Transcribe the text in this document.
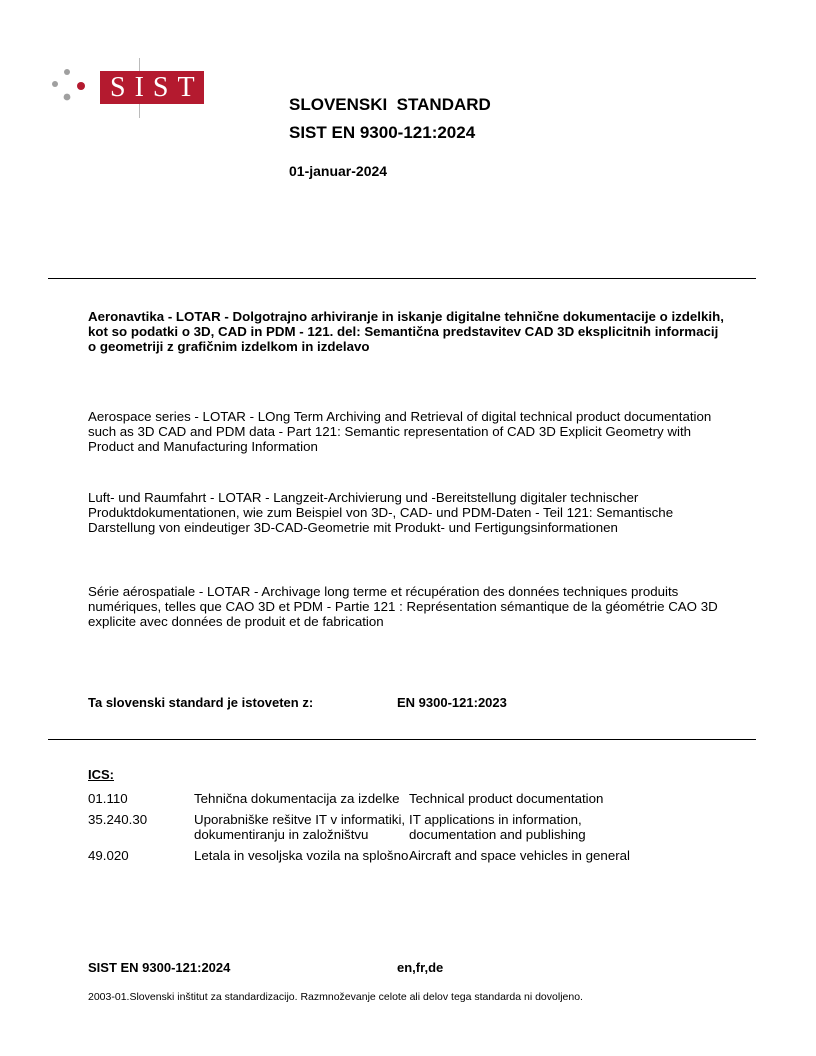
SIST
SLOVENSKI  STANDARD
SIST EN 9300-121:2024
01-januar-2024
Aeronavtika - LOTAR - Dolgotrajno arhiviranje in iskanje digitalne tehnične dokumentacije o izdelkih, kot so podatki o 3D, CAD in PDM - 121. del: Semantična predstavitev CAD 3D eksplicitnih informacij o geometriji z grafičnim izdelkom in izdelavo
Aerospace series - LOTAR - LOng Term Archiving and Retrieval of digital technical product documentation such as 3D CAD and PDM data - Part 121: Semantic representation of CAD 3D Explicit Geometry with Product and Manufacturing Information
Luft- und Raumfahrt - LOTAR - Langzeit-Archivierung und -Bereitstellung digitaler technischer Produktdokumentationen, wie zum Beispiel von 3D-, CAD- und PDM-Daten - Teil 121: Semantische Darstellung von eindeutiger 3D-CAD-Geometrie mit Produkt- und Fertigungsinformationen
Série aérospatiale - LOTAR - Archivage long terme et récupération des données techniques produits numériques, telles que CAO 3D et PDM - Partie 121 : Représentation sémantique de la géométrie CAO 3D explicite avec données de produit et de fabrication
Ta slovenski standard je istoveten z:	EN 9300-121:2023
ICS:
01.110	Tehnična dokumentacija za izdelke	Technical product documentation
35.240.30	Uporabniške rešitve IT v informatiki, dokumentiranju in založništvu	IT applications in information, documentation and publishing
49.020	Letala in vesoljska vozila na splošno	Aircraft and space vehicles in general
SIST EN 9300-121:2024	en,fr,de
2003-01.Slovenski inštitut za standardizacijo. Razmnoževanje celote ali delov tega standarda ni dovoljeno.
